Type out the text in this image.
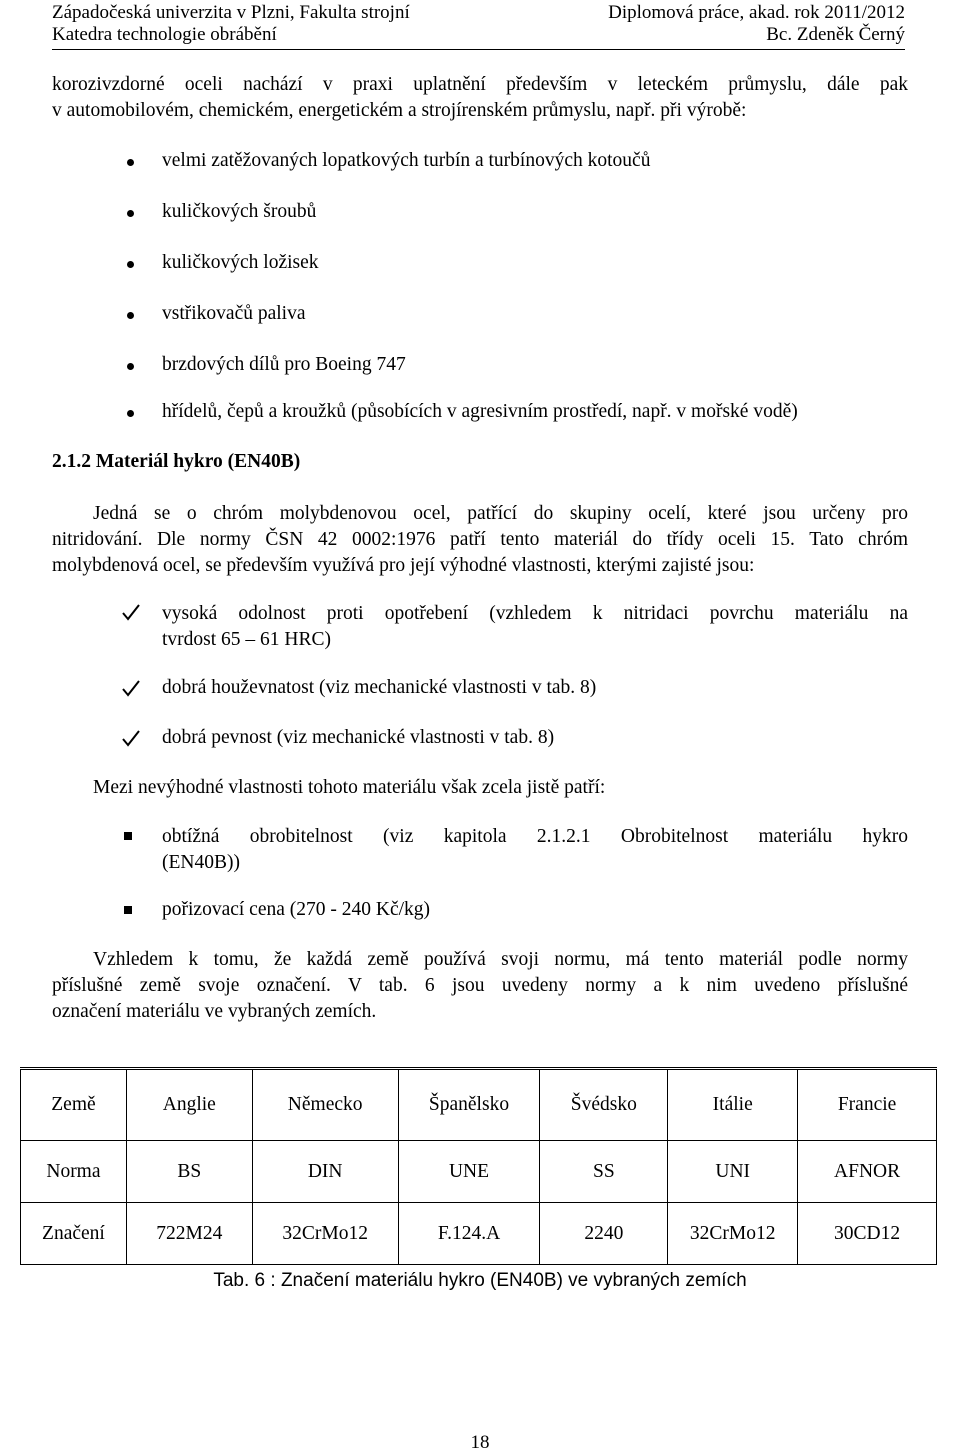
Západočeská univerzita v Plzni, Fakulta strojní	Diplomová práce, akad. rok 2011/2012
Katedra technologie obrábění	Bc. Zdeněk Černý
korozivzdorné oceli nachází v praxi uplatnění především v leteckém průmyslu, dále pak
v automobilovém, chemickém, energetickém a strojírenském průmyslu, např. při výrobě:
velmi zatěžovaných lopatkových turbín a turbínových kotoučů
kuličkových šroubů
kuličkových ložisek
vstřikovačů paliva
brzdových dílů pro Boeing 747
hřídelů, čepů a kroužků (působících v agresivním prostředí, např. v mořské vodě)
2.1.2 Materiál hykro (EN40B)
Jedná se o chróm molybdenovou ocel, patřící do skupiny ocelí, které jsou určeny pro
nitridování. Dle normy ČSN 42 0002:1976 patří tento materiál do třídy oceli 15. Tato chróm
molybdenová ocel, se především využívá pro její výhodné vlastnosti, kterými zajisté jsou:
vysoká odolnost proti opotřebení (vzhledem k nitridaci povrchu materiálu na
tvrdost 65 – 61 HRC)
dobrá houževnatost (viz mechanické vlastnosti v tab. 8)
dobrá pevnost (viz mechanické vlastnosti v tab. 8)
Mezi nevýhodné vlastnosti tohoto materiálu však zcela jistě patří:
obtížná obrobitelnost (viz kapitola 2.1.2.1 Obrobitelnost materiálu hykro
(EN40B))
pořizovací cena (270 - 240 Kč/kg)
Vzhledem k tomu, že každá země používá svoji normu, má tento materiál podle normy
příslušné země svoje označení. V tab. 6 jsou uvedeny normy a k nim uvedeno příslušné
označení materiálu ve vybraných zemích.
Země	Anglie	Německo	Španělsko	Švédsko	Itálie	Francie
Norma	BS	DIN	UNE	SS	UNI	AFNOR
Značení	722M24	32CrMo12	F.124.A	2240	32CrMo12	30CD12
Tab. 6 : Značení materiálu hykro (EN40B) ve vybraných zemích
18
